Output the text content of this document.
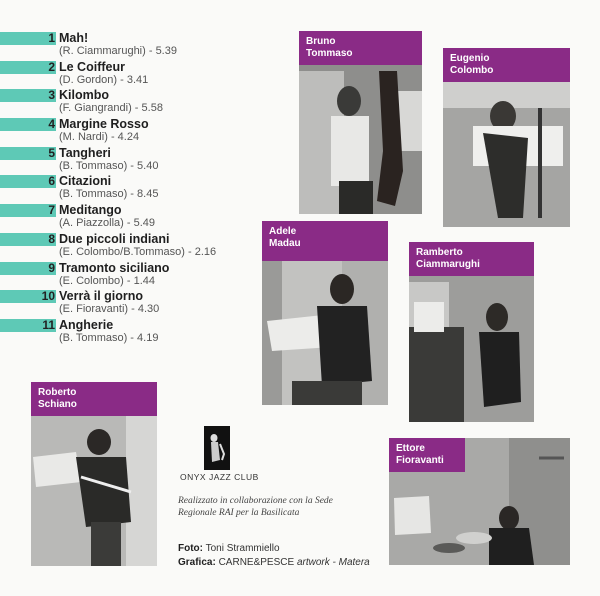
1 Mah!
(R. Ciammarughi) - 5.39
2 Le Coiffeur
(D. Gordon) - 3.41
3 Kilombo
(F. Giangrandi) - 5.58
4 Margine Rosso
(M. Nardi) - 4.24
5 Tangheri
(B. Tommaso) - 5.40
6 Citazioni
(B. Tommaso) - 8.45
7 Meditango
(A. Piazzolla) - 5.49
8 Due piccoli indiani
(E. Colombo/B.Tommaso) - 2.16
9 Tramonto siciliano
(E. Colombo) - 1.44
10 Verrà il giorno
(E. Fioravanti) - 4.30
11 Angherie
(B. Tommaso) - 4.19
Bruno
Tommaso	Eugenio
Colombo
Adele
Madau
Ramberto
Ciammarughi
Roberto
Schiano
Ettore
Fioravanti
ONYX JAZZ CLUB
Realizzato in collaborazione con la Sede Regionale RAI per la Basilicata
Foto: Toni Strammiello
Grafica: CARNE&PESCE artwork - Matera
